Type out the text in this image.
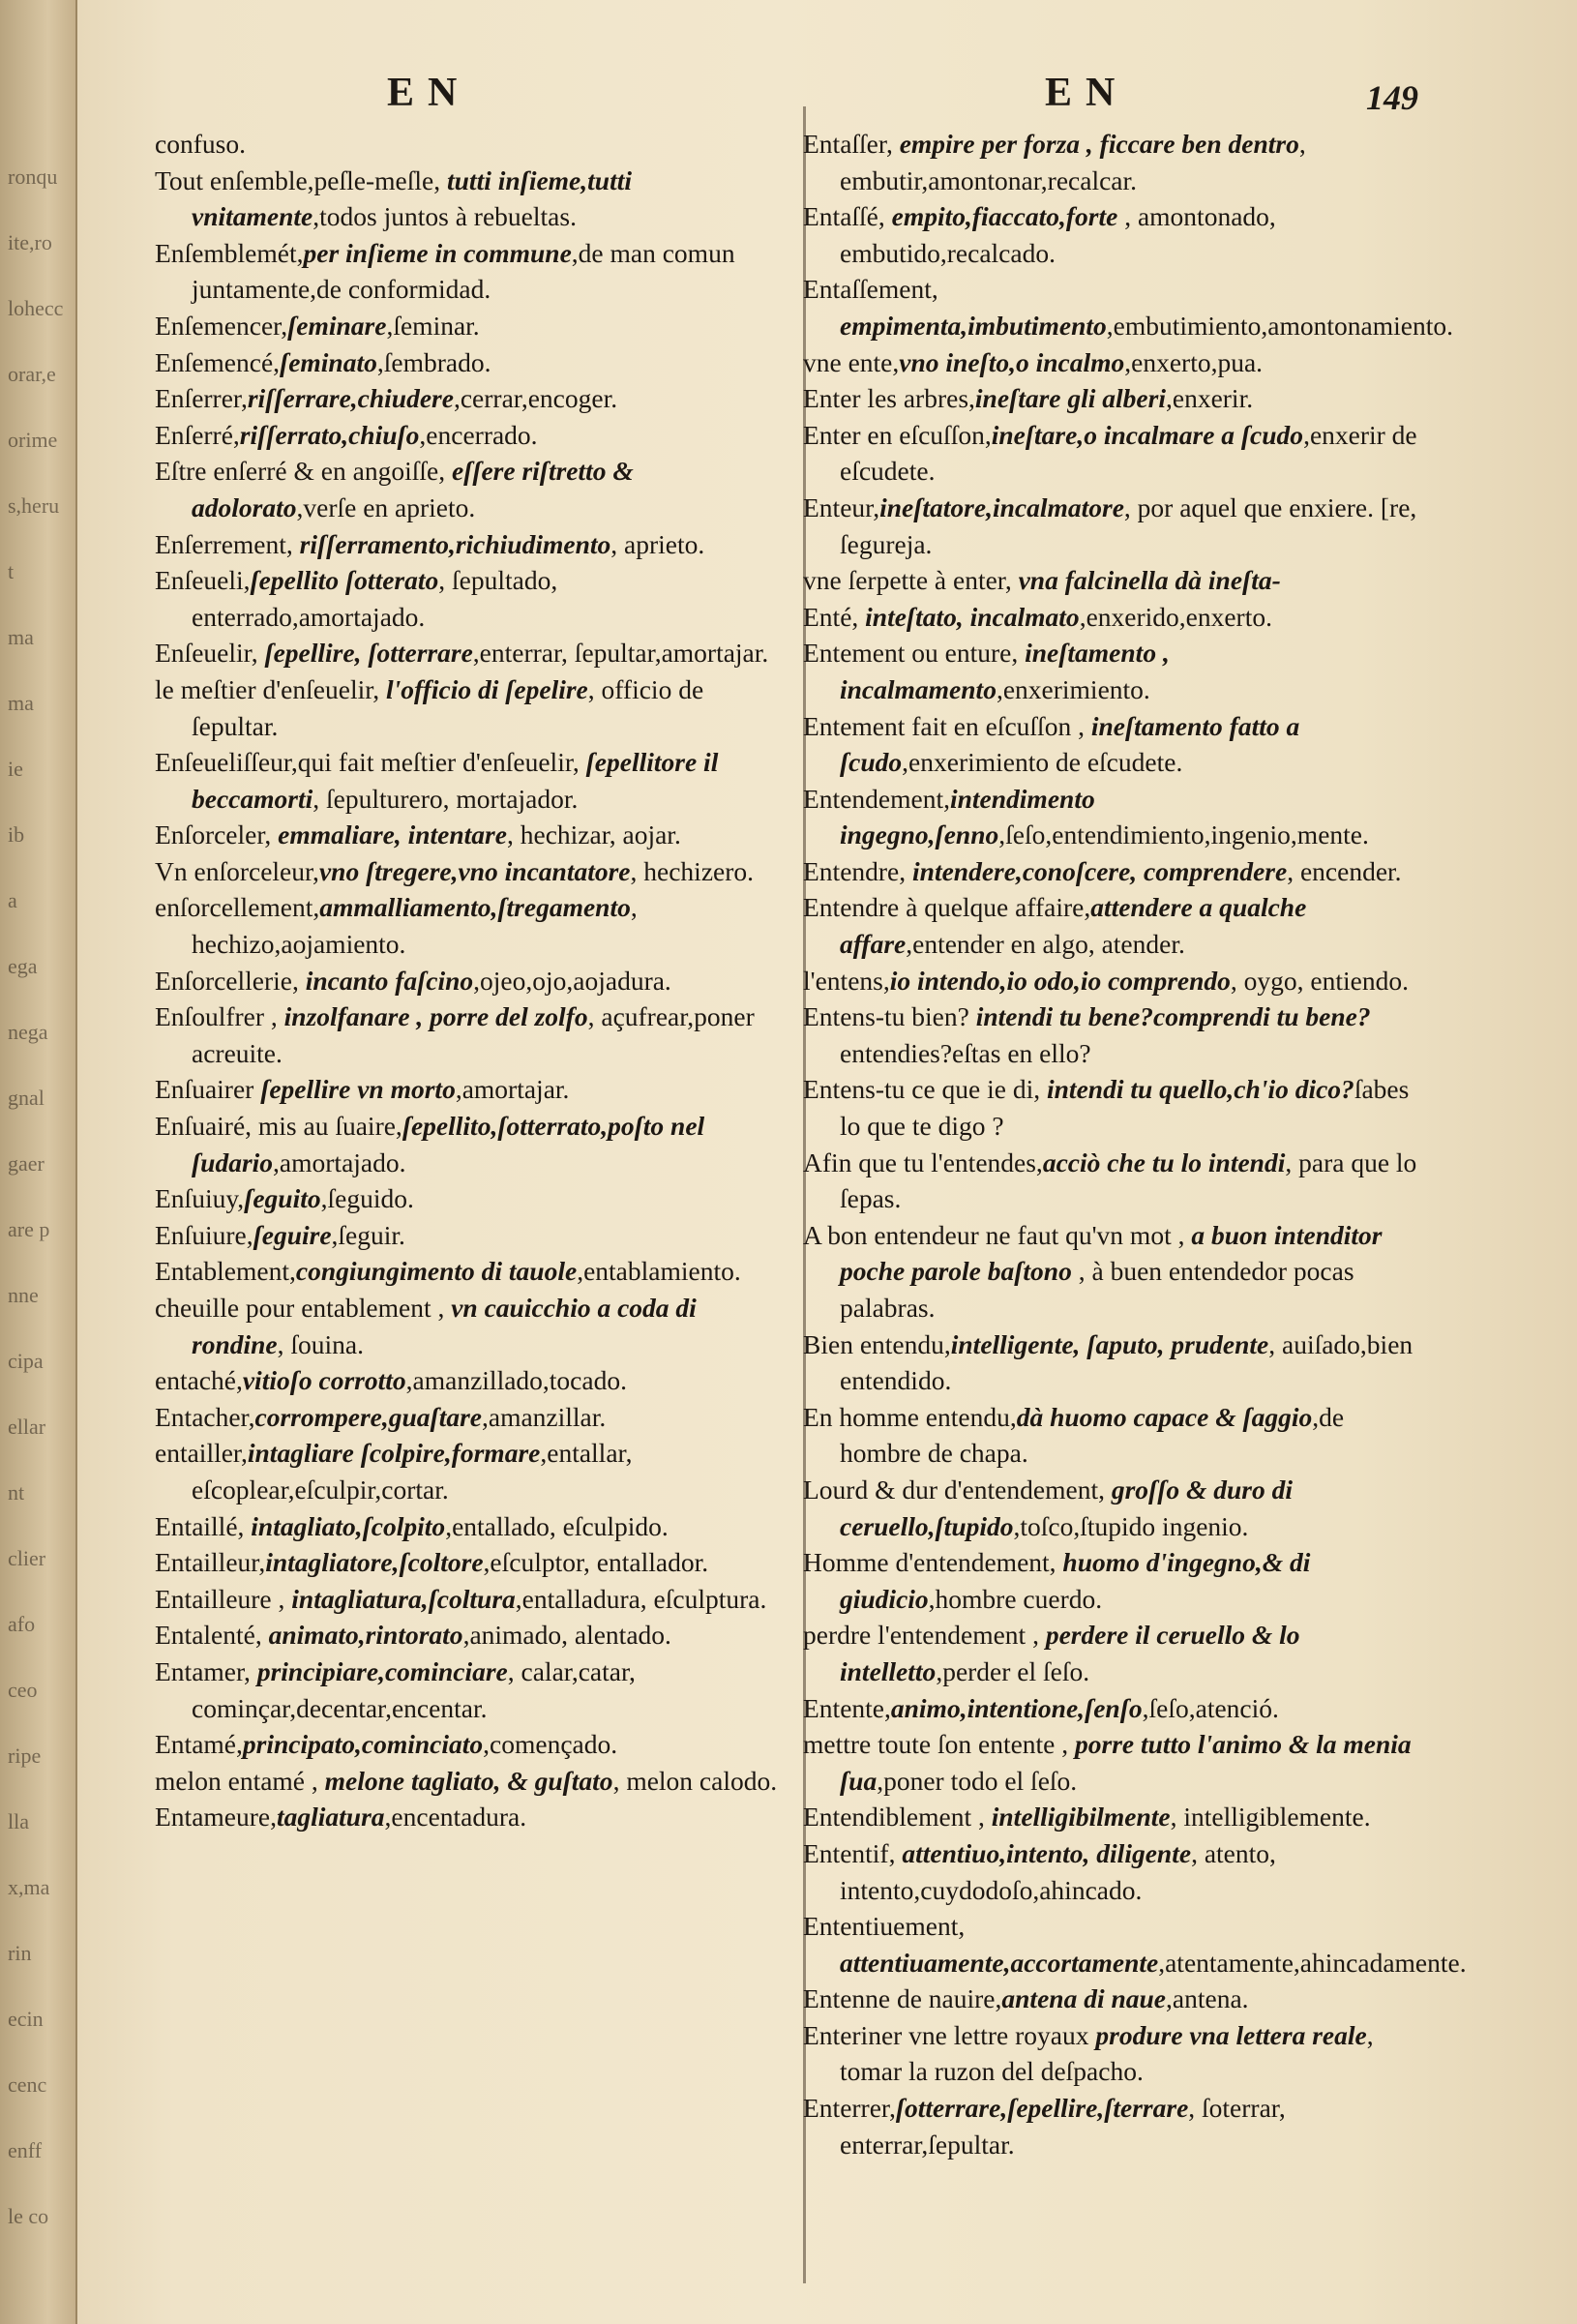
ronqu
ite,ro
lohecc
orar,e
orime
s,heru
t
ma
ma
ie
ib
a
ega
nega
gnal
gaer
are p
nne
cipa
ellar
nt
clier
afo
ceo
ripe
lla
x,ma
rin
ecin
cenc
enff
le co
EN	EN	149

confuso.

Tout enſemble,peſle-meſle, tutti inſieme,tutti vnitamente,todos juntos à rebueltas.

Enſemblemét,per inſieme in commune,de man comun juntamente,de conformidad.

Enſemencer,ſeminare,ſeminar.

Enſemencé,ſeminato,ſembrado.

Enſerrer,riſſerrare,chiudere,cerrar,encoger.

Enſerré,riſſerrato,chiuſo,encerrado.

Eſtre enſerré & en angoiſſe, eſſere riſtretto & adolorato,verſe en aprieto.

Enſerrement, riſſerramento,richiudimento, aprieto.

Enſeueli,ſepellito ſotterato, ſepultado, enterrado,amortajado.

Enſeuelir, ſepellire, ſotterrare,enterrar, ſepultar,amortajar.

le meſtier d'enſeuelir, l'officio di ſepelire, officio de ſepultar.

Enſeueliſſeur,qui fait meſtier d'enſeuelir, ſepellitore il beccamorti, ſepulturero, mortajador.

Enſorceler, emmaliare, intentare, hechizar, aojar.

Vn enſorceleur,vno ſtregere,vno incantatore, hechizero.

enſorcellement,ammalliamento,ſtregamento, hechizo,aojamiento.

Enſorcellerie, incanto faſcino,ojeo,ojo,aojadura.

Enſoulfrer , inzolfanare , porre del zolfo, açufrear,poner acreuite.

Enſuairer ſepellire vn morto,amortajar.

Enſuairé, mis au ſuaire,ſepellito,ſotterrato,poſto nel ſudario,amortajado.

Enſuiuy,ſeguito,ſeguido.

Enſuiure,ſeguire,ſeguir.

Entablement,congiungimento di tauole,entablamiento.

cheuille pour entablement , vn cauicchio a coda di rondine, ſouina.

entaché,vitioſo corrotto,amanzillado,tocado.

Entacher,corrompere,guaſtare,amanzillar.

entailler,intagliare ſcolpire,formare,entallar, eſcoplear,eſculpir,cortar.

Entaillé, intagliato,ſcolpito,entallado, eſculpido.

Entailleur,intagliatore,ſcoltore,eſculptor, entallador.

Entailleure , intagliatura,ſcoltura,entalladura, eſculptura.

Entalenté, animato,rintorato,animado, alentado.

Entamer, principiare,cominciare, calar,catar, cominçar,decentar,encentar.

Entamé,principato,cominciato,començado.

melon entamé , melone tagliato, & guſtato, melon calodo.

Entameure,tagliatura,encentadura.

Entaſſer, empire per forza , ficcare ben dentro, embutir,amontonar,recalcar.

Entaſſé, empito,fiaccato,forte , amontonado, embutido,recalcado.

Entaſſement, empimenta,imbutimento,embutimiento,amontonamiento.

vne ente,vno ineſto,o incalmo,enxerto,pua.

Enter les arbres,ineſtare gli alberi,enxerir.

Enter en eſcuſſon,ineſtare,o incalmare a ſcudo,enxerir de eſcudete.

Enteur,ineſtatore,incalmatore, por aquel que enxiere. [re, ſegureja.

vne ſerpette à enter, vna falcinella dà ineſta-

Enté, inteſtato, incalmato,enxerido,enxerto.

Entement ou enture, ineſtamento , incalmamento,enxerimiento.

Entement fait en eſcuſſon , ineſtamento fatto a ſcudo,enxerimiento de eſcudete.

Entendement,intendimento ingegno,ſenno,ſeſo,entendimiento,ingenio,mente.

Entendre, intendere,conoſcere, comprendere, encender.

Entendre à quelque affaire,attendere a qualche affare,entender en algo, atender.

l'entens,io intendo,io odo,io comprendo, oygo, entiendo.

Entens-tu bien? intendi tu bene?comprendi tu bene?entendies?eſtas en ello?

Entens-tu ce que ie di, intendi tu quello,ch'io dico?ſabes lo que te digo ?

Afin que tu l'entendes,acciò che tu lo intendi, para que lo ſepas.

A bon entendeur ne faut qu'vn mot , a buon intenditor poche parole baſtono , à buen entendedor pocas palabras.

Bien entendu,intelligente, ſaputo, prudente, auiſado,bien entendido.

En homme entendu,dà huomo capace & ſaggio,de hombre de chapa.

Lourd & dur d'entendement, groſſo & duro di ceruello,ſtupido,toſco,ſtupido ingenio.

Homme d'entendement, huomo d'ingegno,& di giudicio,hombre cuerdo.

perdre l'entendement , perdere il ceruello & lo intelletto,perder el ſeſo.

Entente,animo,intentione,ſenſo,ſeſo,atenció.

mettre toute ſon entente , porre tutto l'animo & la menia ſua,poner todo el ſeſo.

Entendiblement , intelligibilmente, intelligiblemente.

Ententif, attentiuo,intento, diligente, atento, intento,cuydodoſo,ahincado.

Ententiuement, attentiuamente,accortamente,atentamente,ahincadamente.

Entenne de nauire,antena di naue,antena.

Enteriner vne lettre royaux produre vna lettera reale, tomar la ruzon del deſpacho.

Enterrer,ſotterrare,ſepellire,ſterrare, ſoterrar, enterrar,ſepultar.
